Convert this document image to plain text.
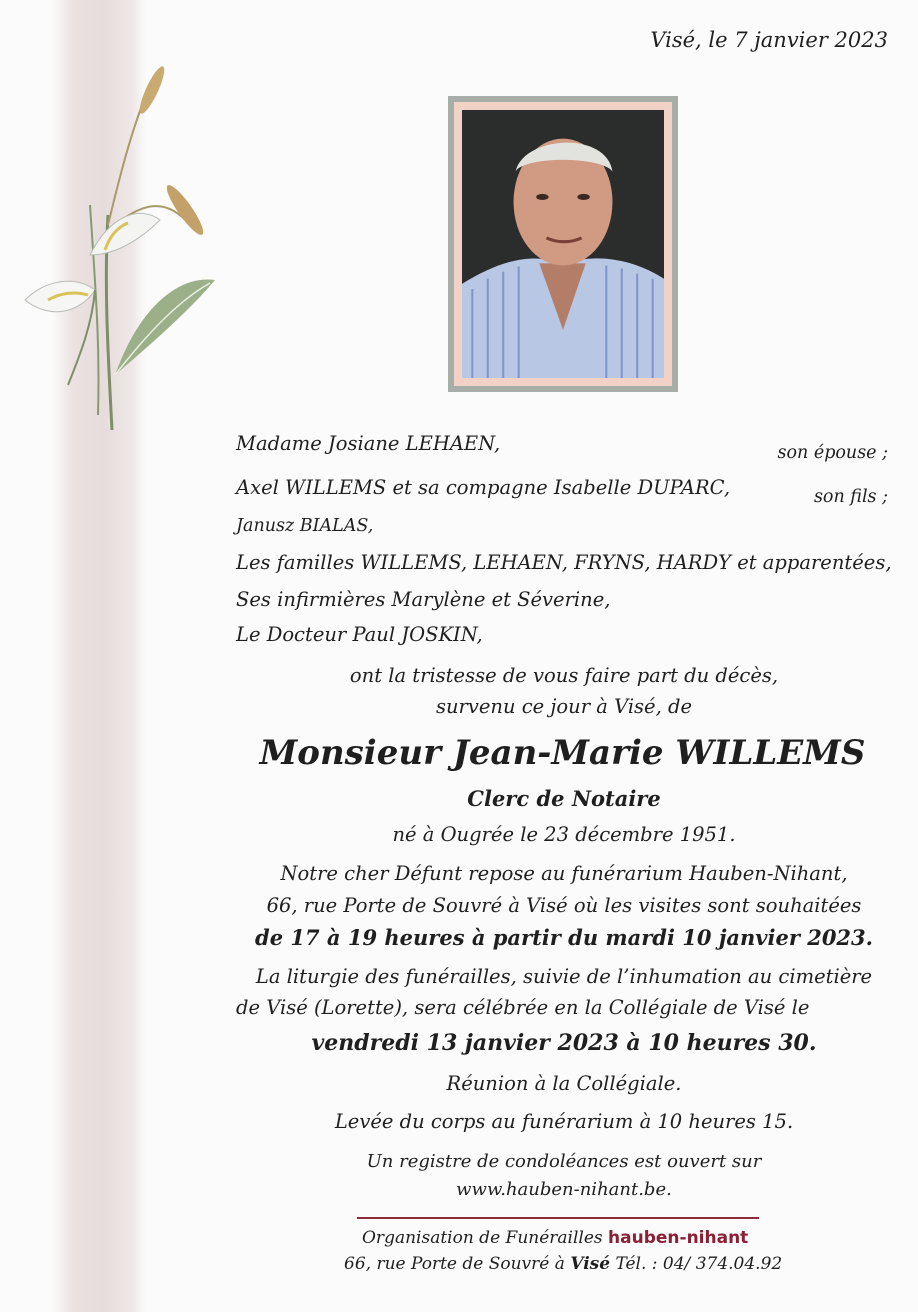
Visé, le 7 janvier 2023
Madame Josiane LEHAEN,	son épouse ;
Axel WILLEMS et sa compagne Isabelle DUPARC,	son fils ;
Janusz BIALAS,
Les familles WILLEMS, LEHAEN, FRYNS, HARDY et apparentées,
Ses infirmières Marylène et Séverine,
Le Docteur Paul JOSKIN,
ont la tristesse de vous faire part du décès,
survenu ce jour à Visé, de
Monsieur Jean-Marie WILLEMS
Clerc de Notaire
né à Ougrée le 23 décembre 1951.
Notre cher Défunt repose au funérarium Hauben-Nihant,
66, rue Porte de Souvré à Visé où les visites sont souhaitées
de 17 à 19 heures à partir du mardi 10 janvier 2023.
La liturgie des funérailles, suivie de l’inhumation au cimetière
de Visé (Lorette), sera célébrée en la Collégiale de Visé le
vendredi 13 janvier 2023 à 10 heures 30.
Réunion à la Collégiale.
Levée du corps au funérarium à 10 heures 15.
Un registre de condoléances est ouvert sur
www.hauben-nihant.be.
Organisation de Funérailles hauben-nihant
66, rue Porte de Souvré à Visé Tél. : 04/ 374.04.92
